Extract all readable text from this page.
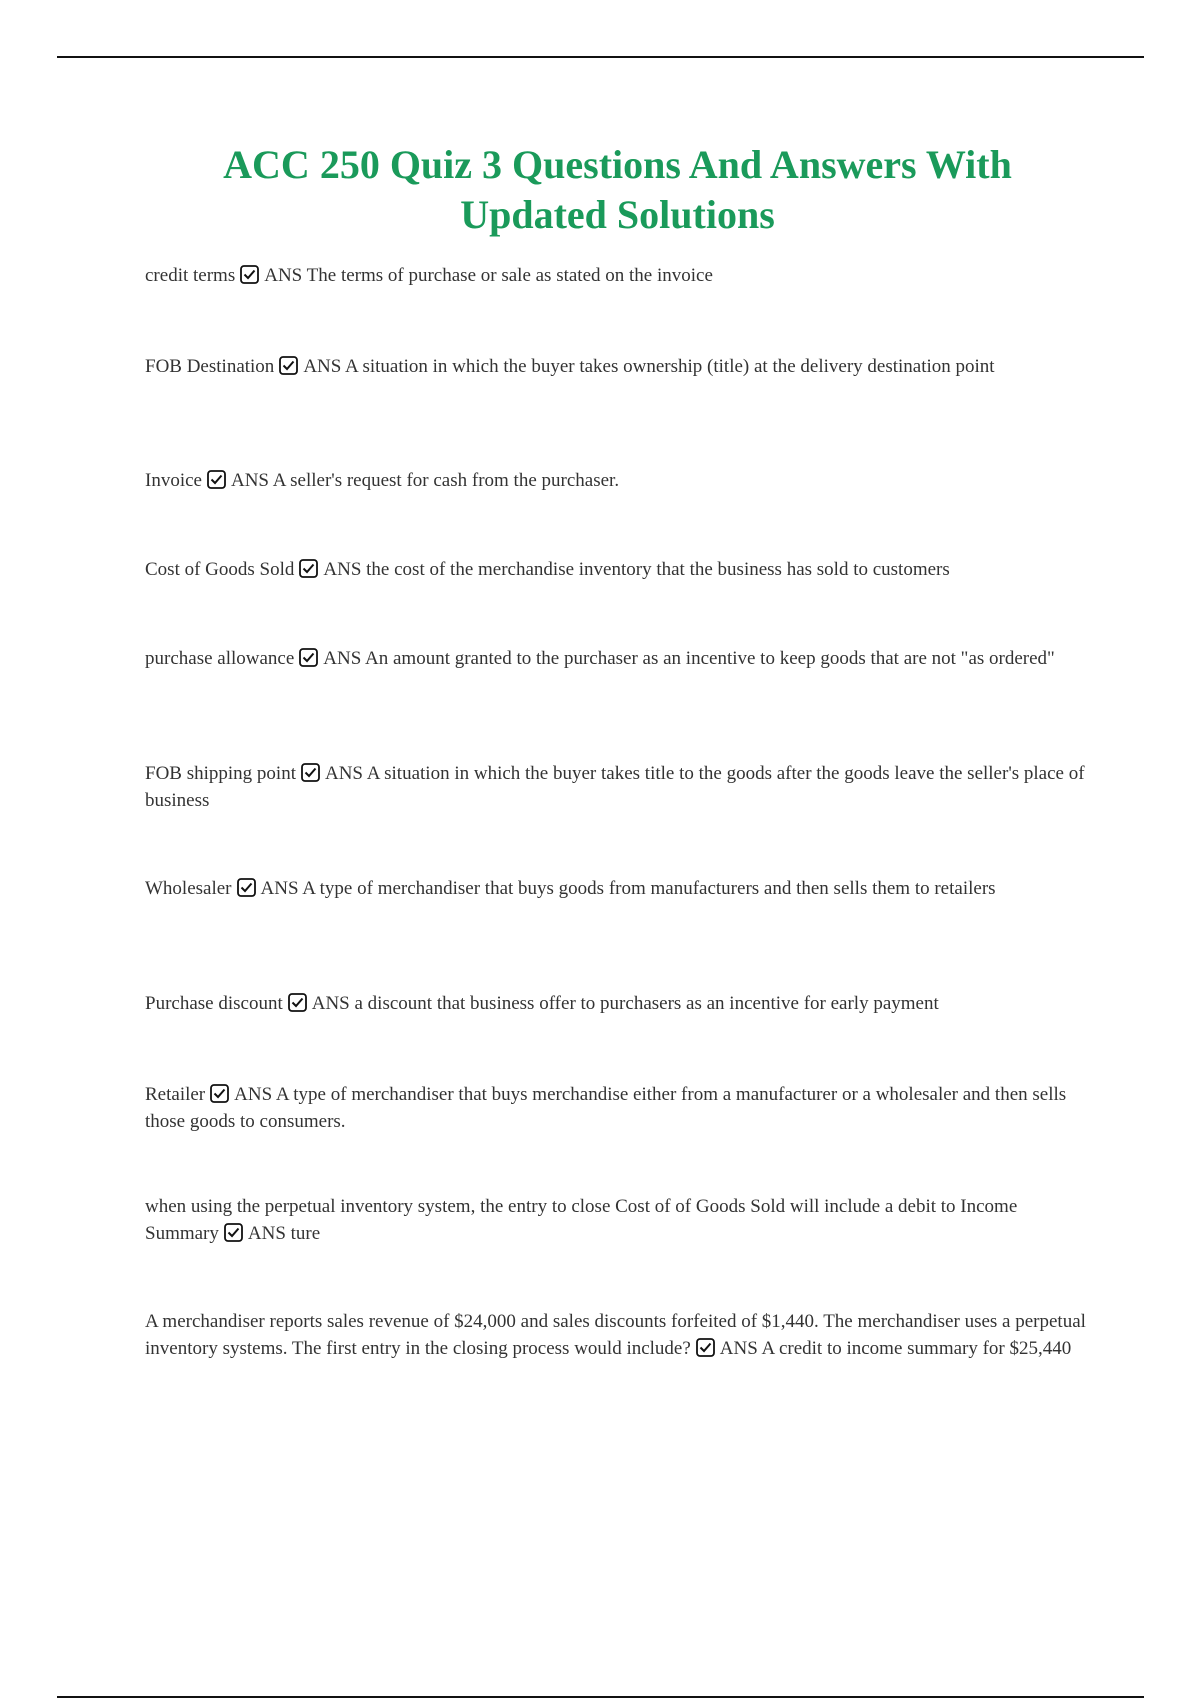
ACC 250 Quiz 3 Questions And Answers With Updated Solutions

credit terms ANS The terms of purchase or sale as stated on the invoice

FOB Destination ANS A situation in which the buyer takes ownership (title) at the delivery destination point

Invoice ANS A seller's request for cash from the purchaser.

Cost of Goods Sold ANS the cost of the merchandise inventory that the business has sold to customers

purchase allowance ANS An amount granted to the purchaser as an incentive to keep goods that are not "as ordered"

FOB shipping point ANS A situation in which the buyer takes title to the goods after the goods leave the seller's place of business

Wholesaler ANS A type of merchandiser that buys goods from manufacturers and then sells them to retailers

Purchase discount ANS a discount that business offer to purchasers as an incentive for early payment

Retailer ANS A type of merchandiser that buys merchandise either from a manufacturer or a wholesaler and then sells those goods to consumers.

when using the perpetual inventory system, the entry to close Cost of of Goods Sold will include a debit to Income Summary ANS ture

A merchandiser reports sales revenue of $24,000 and sales discounts forfeited of $1,440. The merchandiser uses a perpetual inventory systems. The first entry in the closing process would include? ANS A credit to income summary for $25,440
